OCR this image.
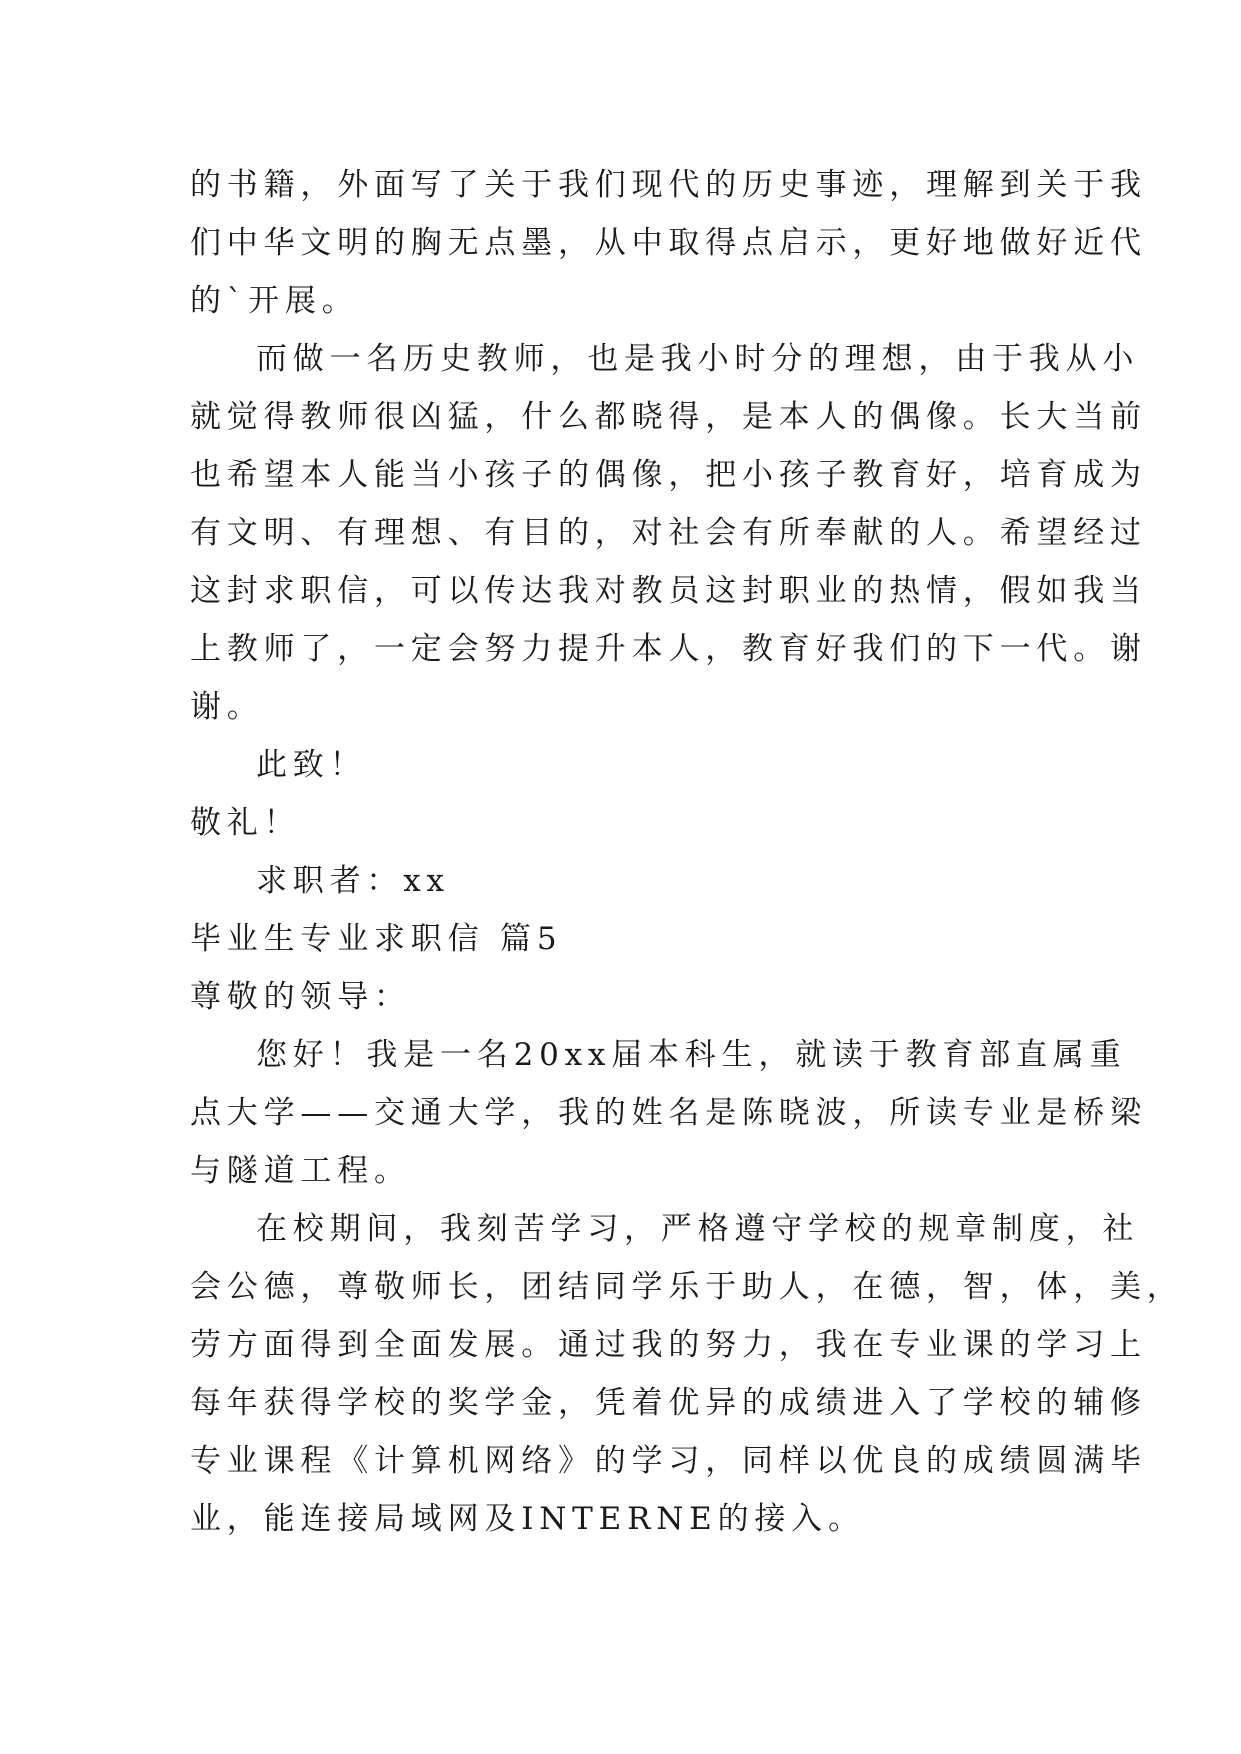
的书籍，外面写了关于我们现代的历史事迹，理解到关于我
们中华文明的胸无点墨，从中取得点启示，更好地做好近代
的`开展。
而做一名历史教师，也是我小时分的理想，由于我从小
就觉得教师很凶猛，什么都晓得，是本人的偶像。长大当前
也希望本人能当小孩子的偶像，把小孩子教育好，培育成为
有文明、有理想、有目的，对社会有所奉献的人。希望经过
这封求职信，可以传达我对教员这封职业的热情，假如我当
上教师了，一定会努力提升本人，教育好我们的下一代。谢
谢。
此致！
敬礼！
求职者：xx
毕业生专业求职信 篇5
尊敬的领导：
您好！我是一名20xx届本科生，就读于教育部直属重
点大学——交通大学，我的姓名是陈晓波，所读专业是桥梁
与隧道工程。
在校期间，我刻苦学习，严格遵守学校的规章制度，社
会公德，尊敬师长，团结同学乐于助人，在德，智，体，美，
劳方面得到全面发展。通过我的努力，我在专业课的学习上
每年获得学校的奖学金，凭着优异的成绩进入了学校的辅修
专业课程《计算机网络》的学习，同样以优良的成绩圆满毕
业，能连接局域网及INTERNE的接入。
